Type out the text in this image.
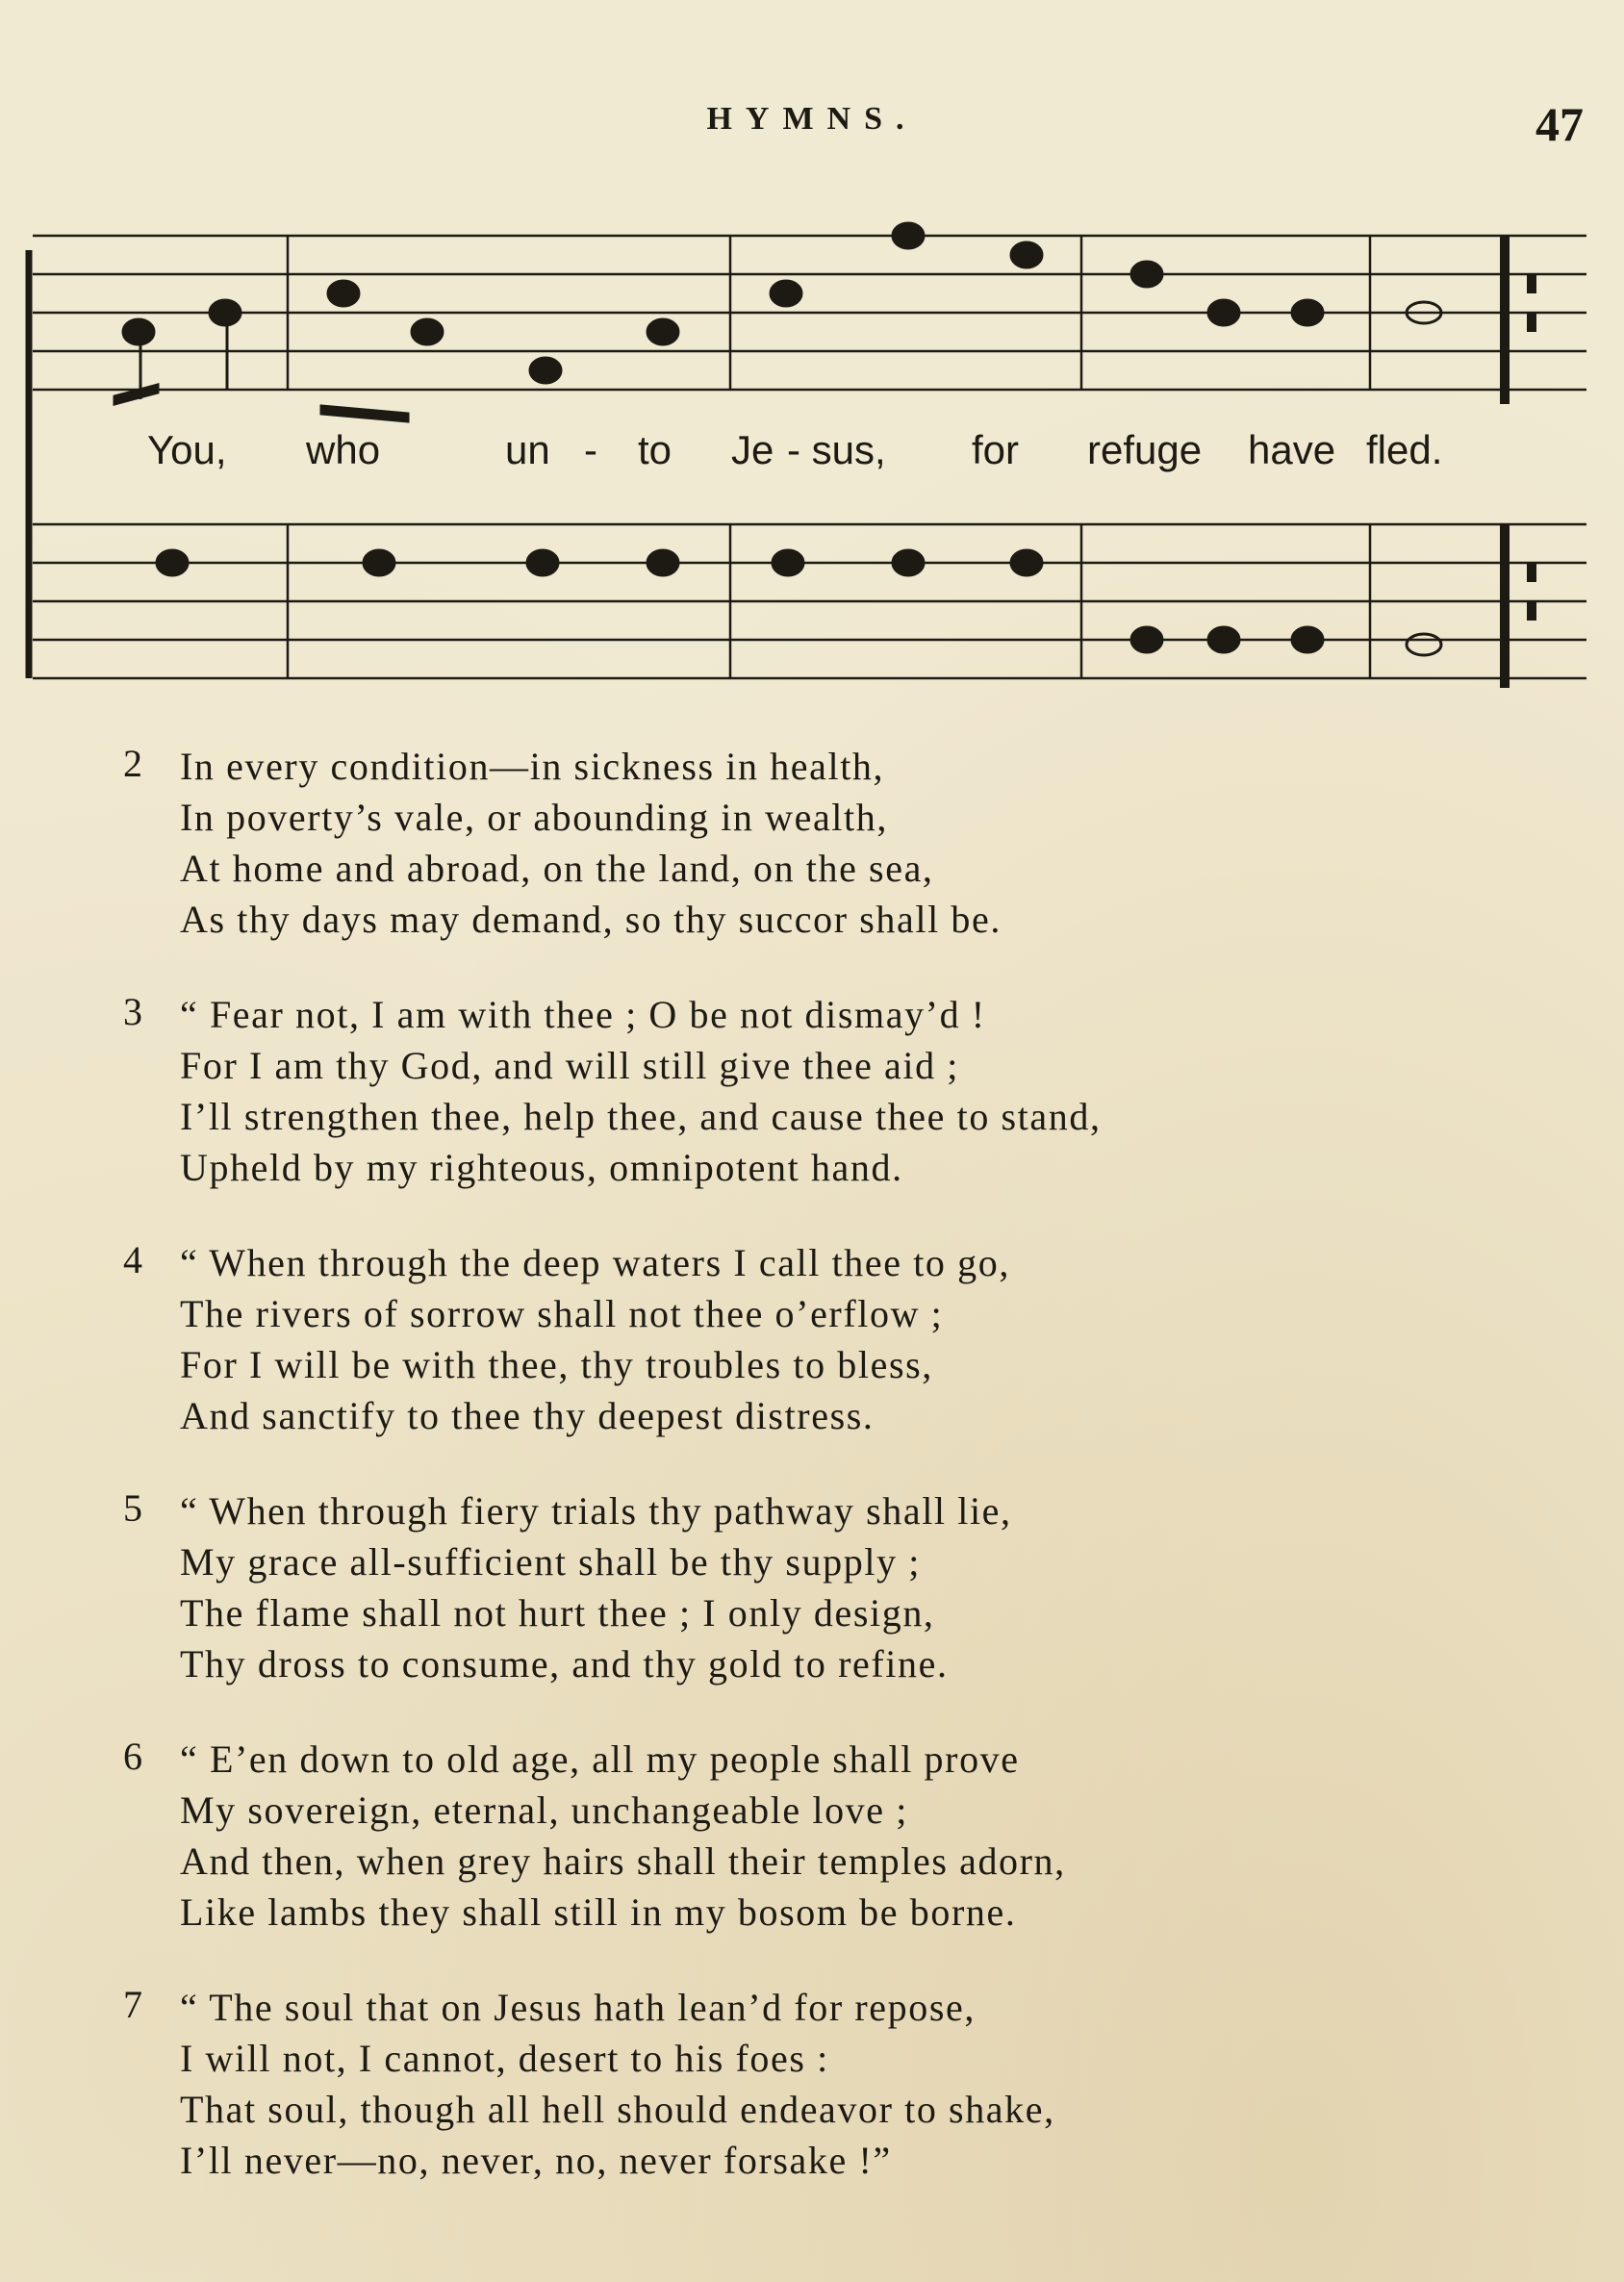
HYMNS.	47
You, who	un - to Je - sus, for refuge have fled.
2 In every condition—in sickness in health,
In poverty’s vale, or abounding in wealth,
At home and abroad, on the land, on the sea,
As thy days may demand, so thy succor shall be.
3 “ Fear not, I am with thee ; O be not dismay’d !
For I am thy God, and will still give thee aid ;
I’ll strengthen thee, help thee, and cause thee to stand,
Upheld by my righteous, omnipotent hand.
4 “ When through the deep waters I call thee to go,
The rivers of sorrow shall not thee o’erflow ;
For I will be with thee, thy troubles to bless,
And sanctify to thee thy deepest distress.
5 “ When through fiery trials thy pathway shall lie,
My grace all-sufficient shall be thy supply ;
The flame shall not hurt thee ; I only design,
Thy dross to consume, and thy gold to refine.
6 “ E’en down to old age, all my people shall prove
My sovereign, eternal, unchangeable love ;
And then, when grey hairs shall their temples adorn,
Like lambs they shall still in my bosom be borne.
7 “ The soul that on Jesus hath lean’d for repose,
I will not, I cannot, desert to his foes :
That soul, though all hell should endeavor to shake,
I’ll never—no, never, no, never forsake !”
